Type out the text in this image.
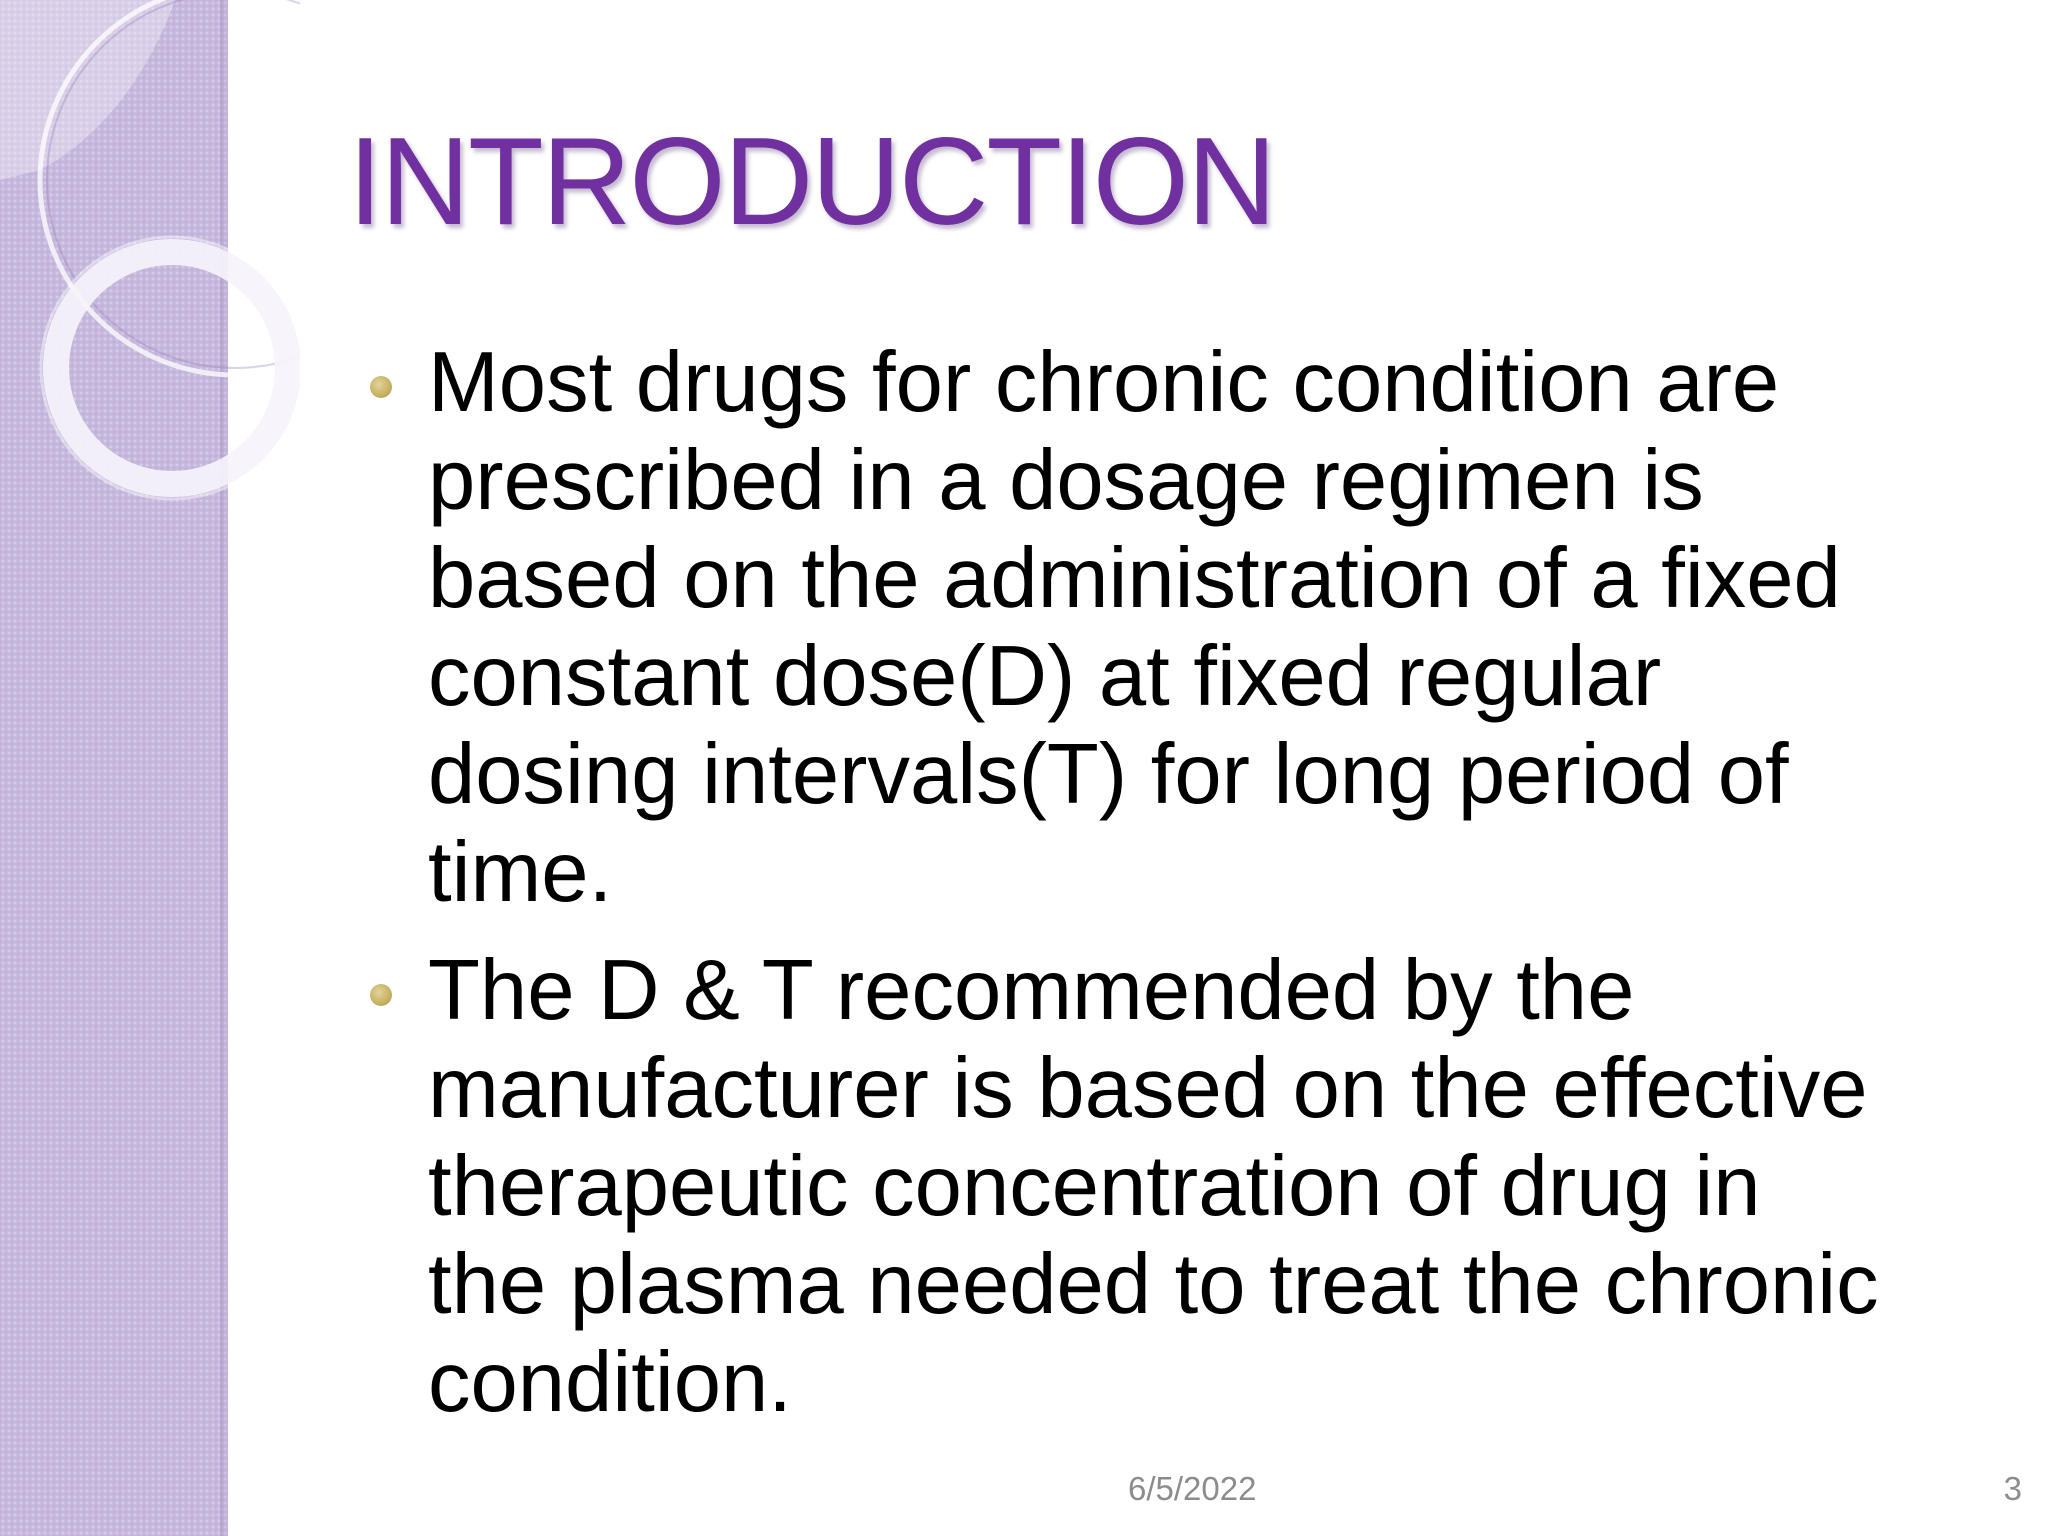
INTRODUCTION
Most drugs for chronic condition are
prescribed in a dosage regimen is
based on the administration of a fixed
constant dose(D) at fixed regular
dosing intervals(T) for long period of
time.
The D & T recommended by the
manufacturer is based on the effective
therapeutic concentration of drug in
the plasma needed to treat the chronic
condition.
6/5/2022	3
